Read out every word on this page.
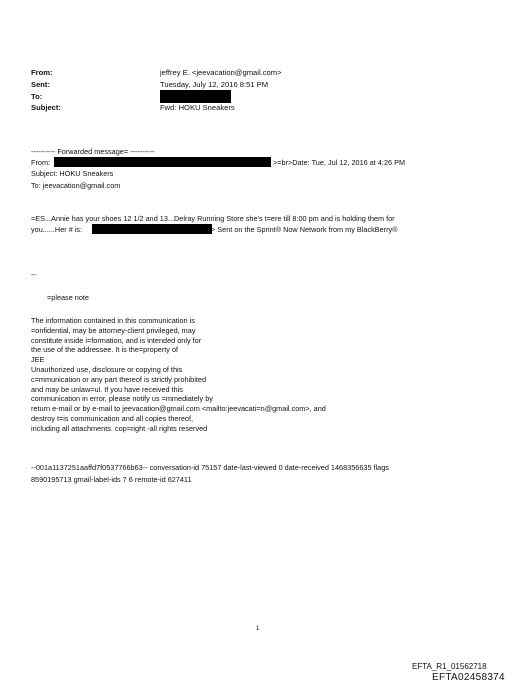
From:	jeffrey E. <jeevacation@gmail.com>
Sent:	Tuesday, July 12, 2016 8:51 PM
To:
Subject:	Fwd: HOKU Sneakers
---------- Forwarded message= ----------
From:	>=br>Date: Tue, Jul 12, 2016 at 4:26 PM
Subject: HOKU Sneakers
To: jeevacation@gmail.com
=ES...Annie has your shoes 12 1/2 and 13...Delray Running Store she's t=ere till 8:00 pm and is holding them for
you......Her # is:	> Sent on the Sprint® Now Network from my BlackBerry®
--
=please note
The information contained in this communication is
=onfidential, may be attorney-client privileged, may
constitute inside i=formation, and is intended only for
the use of the addressee. It is the=property of
JEE
Unauthorized use, disclosure or copying of this
c=mmunication or any part thereof is strictly prohibited
and may be unlaw=ul. If you have received this
communication in error, please notify us =mmediately by
return e-mail or by e-mail to jeevacation@gmail.com <mailto:jeevacati=n@gmail.com>, and
destroy t=is communication and all copies thereof,
including all attachments. cop=right -all rights reserved
--001a1137251aaffd7f0537766b63-- conversation-id 75157 date-last-viewed 0 date-received 1468356635 flags
8590195713 gmail-label-ids 7 6 remote-id 627411
1
EFTA_R1_01562718
EFTA02458374
